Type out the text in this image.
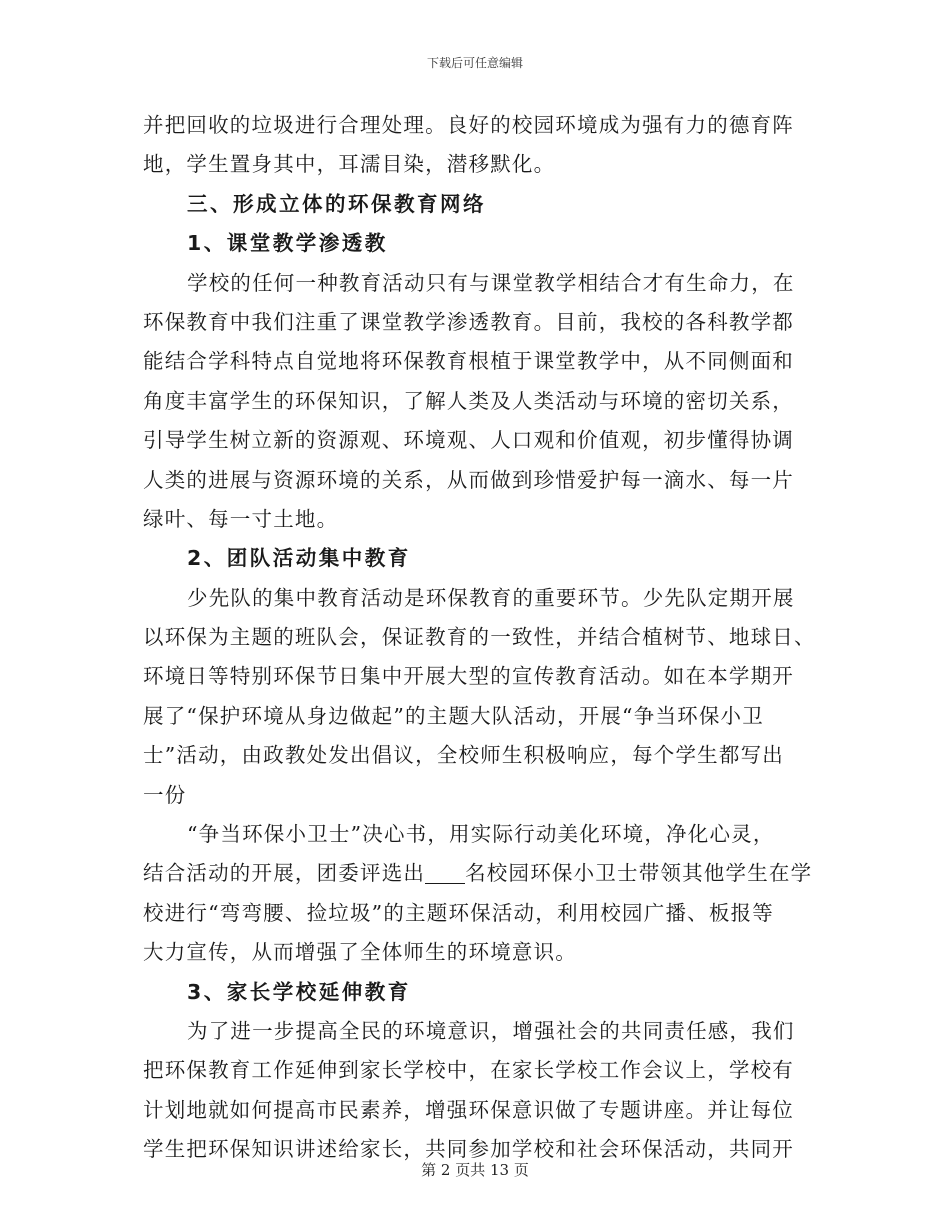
下载后可任意编辑
并把回收的垃圾进行合理处理。良好的校园环境成为强有力的德育阵
地，学生置身其中，耳濡目染，潜移默化。
三、形成立体的环保教育网络
1、课堂教学渗透教
学校的任何一种教育活动只有与课堂教学相结合才有生命力，在
环保教育中我们注重了课堂教学渗透教育。目前，我校的各科教学都
能结合学科特点自觉地将环保教育根植于课堂教学中，从不同侧面和
角度丰富学生的环保知识，了解人类及人类活动与环境的密切关系，
引导学生树立新的资源观、环境观、人口观和价值观，初步懂得协调
人类的进展与资源环境的关系，从而做到珍惜爱护每一滴水、每一片
绿叶、每一寸土地。
2、团队活动集中教育
少先队的集中教育活动是环保教育的重要环节。少先队定期开展
以环保为主题的班队会，保证教育的一致性，并结合植树节、地球日、
环境日等特别环保节日集中开展大型的宣传教育活动。如在本学期开
展了“保护环境从身边做起”的主题大队活动，开展“争当环保小卫
士”活动，由政教处发出倡议，全校师生积极响应，每个学生都写出
一份
“争当环保小卫士”决心书，用实际行动美化环境，净化心灵，
结合活动的开展，团委评选出 名校园环保小卫士带领其他学生在学
校进行“弯弯腰、捡垃圾”的主题环保活动，利用校园广播、板报等
大力宣传，从而增强了全体师生的环境意识。
3、家长学校延伸教育
为了进一步提高全民的环境意识，增强社会的共同责任感，我们
把环保教育工作延伸到家长学校中，在家长学校工作会议上，学校有
计划地就如何提高市民素养，增强环保意识做了专题讲座。并让每位
学生把环保知识讲述给家长，共同参加学校和社会环保活动，共同开
第 2 页共 13 页
